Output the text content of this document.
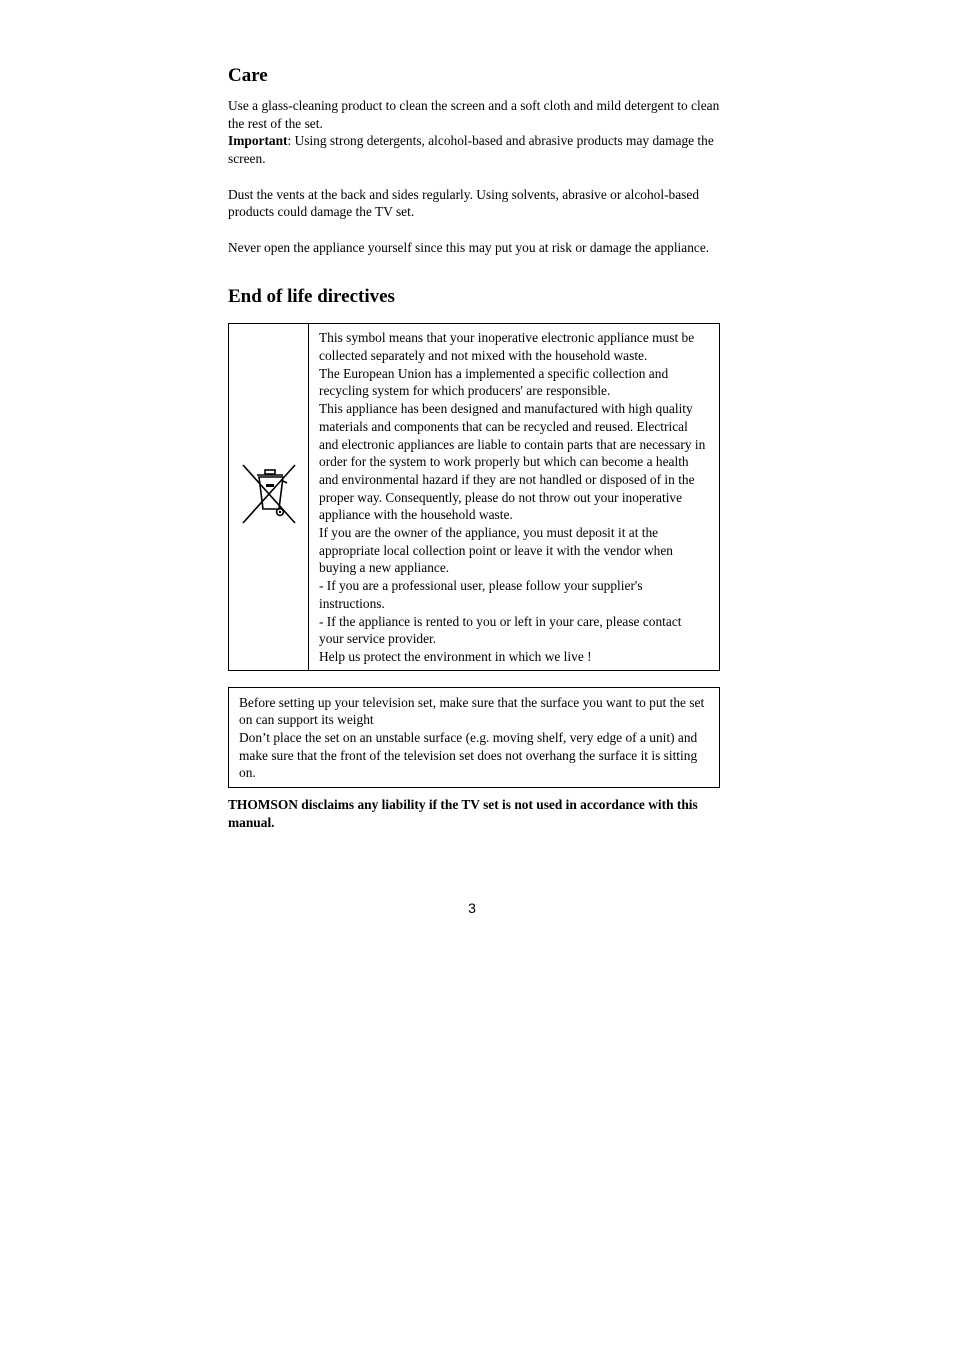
Care

Use a glass-cleaning product to clean the screen and a soft cloth and mild detergent to clean the rest of the set.

Important: Using strong detergents, alcohol-based and abrasive products may damage the screen.

Dust the vents at the back and sides regularly. Using solvents, abrasive or alcohol-based products could damage the TV set.

Never open the appliance yourself since this may put you at risk or damage the appliance.

End of life directives

This symbol means that your inoperative electronic appliance must be collected separately and not mixed with the household waste.

The European Union has a implemented a specific collection and recycling system for which producers' are responsible.

This appliance has been designed and manufactured with high quality materials and components that can be recycled and reused. Electrical and electronic appliances are liable to contain parts that are necessary in order for the system to work properly but which can become a health and environmental hazard if they are not handled or disposed of in the proper way. Consequently, please do not throw out your inoperative appliance with the household waste.

If you are the owner of the appliance, you must deposit it at the appropriate local collection point or leave it with the vendor when buying a new appliance.

- If you are a professional user, please follow your supplier's instructions.

- If the appliance is rented to you or left in your care, please contact your service provider.

Help us protect the environment in which we live !

Before setting up your television set, make sure that the surface you want to put the set on can support its weight

Don’t place the set on an unstable surface (e.g. moving shelf, very edge of a unit) and make sure that the front of the television set does not overhang the surface it is sitting on.

THOMSON disclaims any liability if the TV set is not used in accordance with this manual.

3
